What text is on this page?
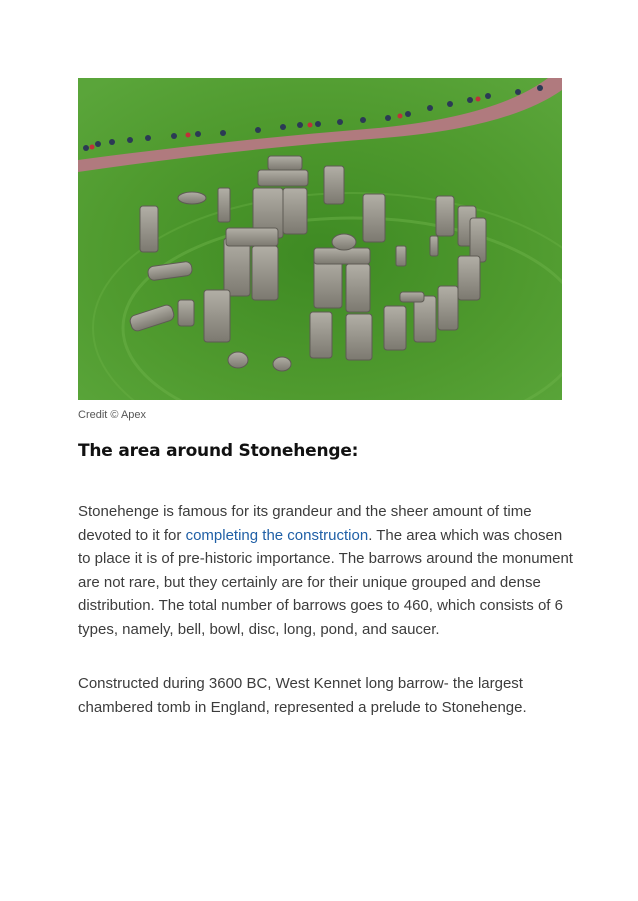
Credit © Apex
The area around Stonehenge:

Stonehenge is famous for its grandeur and the sheer amount of time devoted to it for completing the construction. The area which was chosen to place it is of pre-historic importance. The barrows around the monument are not rare, but they certainly are for their unique grouped and dense distribution. The total number of barrows goes to 460, which consists of 6 types, namely, bell, bowl, disc, long, pond, and saucer.

Constructed during 3600 BC, West Kennet long barrow- the largest chambered tomb in England, represented a prelude to Stonehenge.
